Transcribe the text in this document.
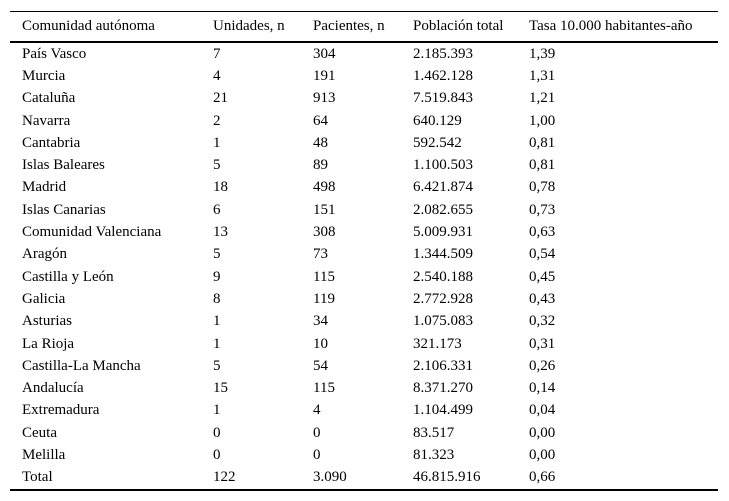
Comunidad autónoma	Unidades, n	Pacientes, n	Población total	Tasa 10.000 habitantes-año
País Vasco	7	304	2.185.393	1,39
Murcia	4	191	1.462.128	1,31
Cataluña	21	913	7.519.843	1,21
Navarra	2	64	640.129	1,00
Cantabria	1	48	592.542	0,81
Islas Baleares	5	89	1.100.503	0,81
Madrid	18	498	6.421.874	0,78
Islas Canarias	6	151	2.082.655	0,73
Comunidad Valenciana	13	308	5.009.931	0,63
Aragón	5	73	1.344.509	0,54
Castilla y León	9	115	2.540.188	0,45
Galicia	8	119	2.772.928	0,43
Asturias	1	34	1.075.083	0,32
La Rioja	1	10	321.173	0,31
Castilla-La Mancha	5	54	2.106.331	0,26
Andalucía	15	115	8.371.270	0,14
Extremadura	1	4	1.104.499	0,04
Ceuta	0	0	83.517	0,00
Melilla	0	0	81.323	0,00
Total	122	3.090	46.815.916	0,66
